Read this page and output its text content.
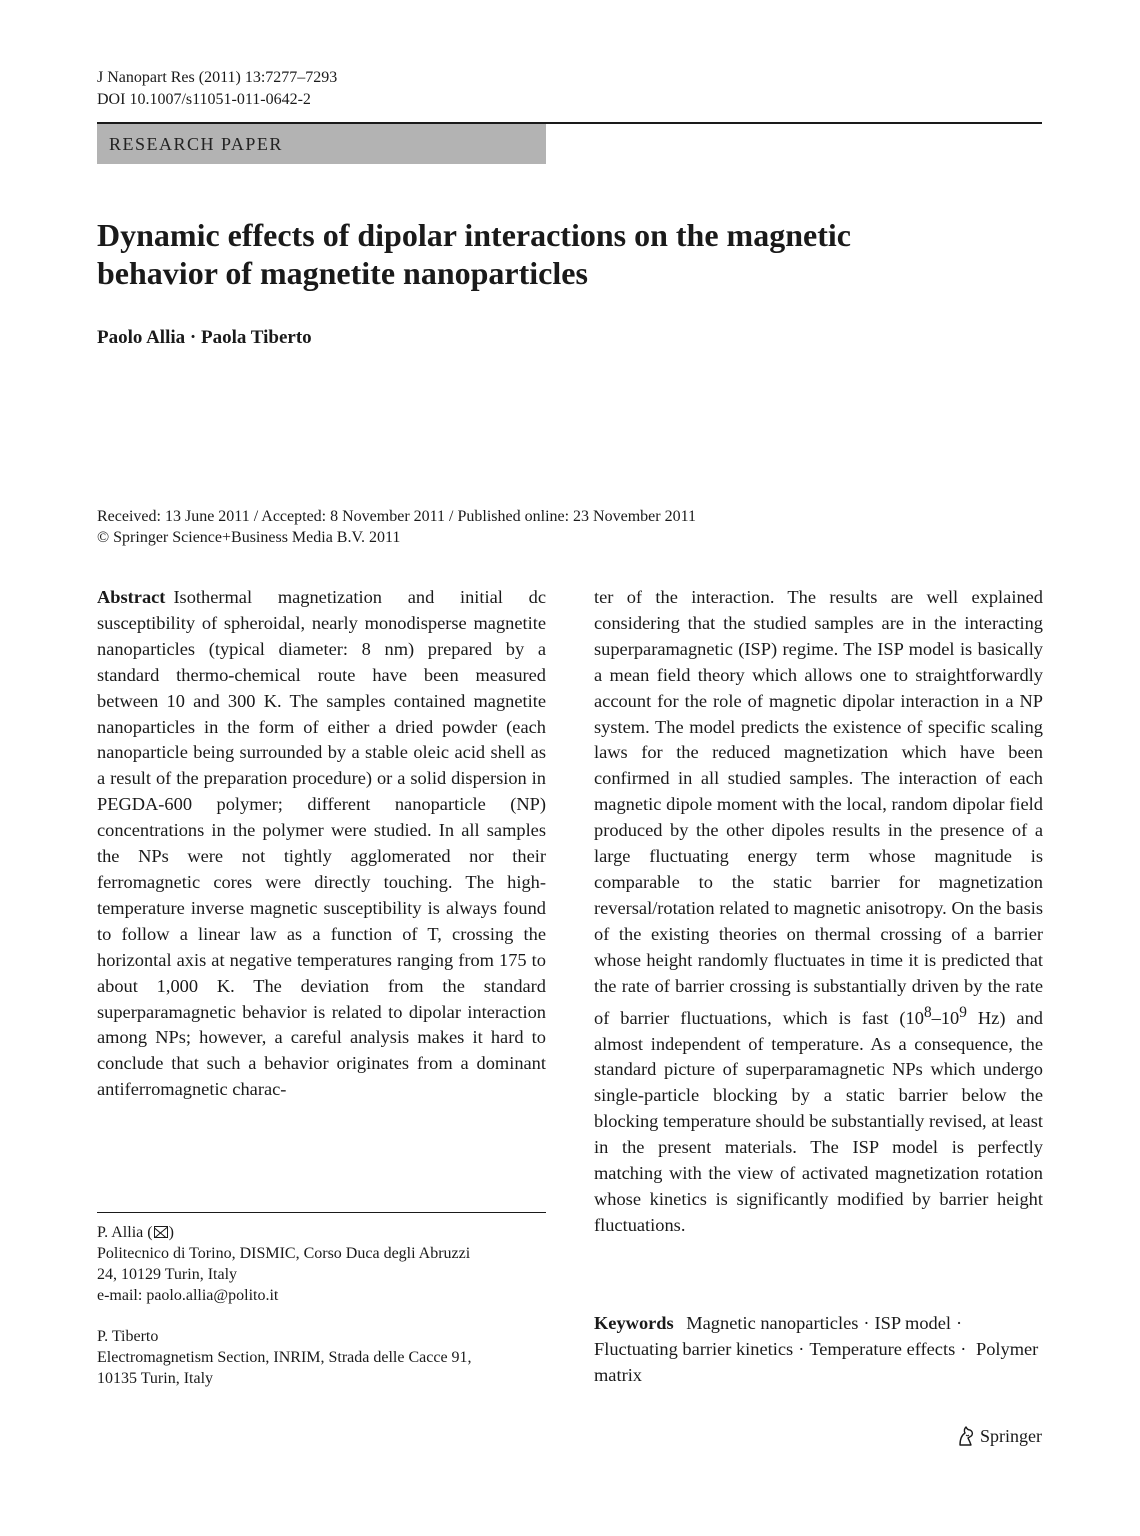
J Nanopart Res (2011) 13:7277–7293
DOI 10.1007/s11051-011-0642-2
RESEARCH PAPER
Dynamic effects of dipolar interactions on the magnetic
behavior of magnetite nanoparticles
Paolo Allia · Paola Tiberto
Received: 13 June 2011 / Accepted: 8 November 2011 / Published online: 23 November 2011
© Springer Science+Business Media B.V. 2011
Abstract Isothermal magnetization and initial dc susceptibility of spheroidal, nearly monodisperse magnetite nanoparticles (typical diameter: 8 nm) prepared by a standard thermo-chemical route have been measured between 10 and 300 K. The samples contained magnetite nanoparticles in the form of either a dried powder (each nanoparticle being surrounded by a stable oleic acid shell as a result of the preparation procedure) or a solid dispersion in PEGDA-600 polymer; different nanoparticle (NP) concentrations in the polymer were studied. In all samples the NPs were not tightly agglomerated nor their ferromagnetic cores were directly touching. The high-temperature inverse magnetic susceptibility is always found to follow a linear law as a function of T, crossing the horizontal axis at negative temperatures ranging from 175 to about 1,000 K. The deviation from the standard superparamagnetic behavior is related to dipolar interaction among NPs; however, a careful analysis makes it hard to conclude that such a behavior originates from a dominant antiferromagnetic charac-
ter of the interaction. The results are well explained considering that the studied samples are in the interacting superparamagnetic (ISP) regime. The ISP model is basically a mean field theory which allows one to straightforwardly account for the role of magnetic dipolar interaction in a NP system. The model predicts the existence of specific scaling laws for the reduced magnetization which have been confirmed in all studied samples. The interaction of each magnetic dipole moment with the local, random dipolar field produced by the other dipoles results in the presence of a large fluctuating energy term whose magnitude is comparable to the static barrier for magnetization reversal/rotation related to magnetic anisotropy. On the basis of the existing theories on thermal crossing of a barrier whose height randomly fluctuates in time it is predicted that the rate of barrier crossing is substantially driven by the rate of barrier fluctuations, which is fast ($10^8-10^9$ Hz) and almost independent of temperature. As a consequence, the standard picture of superparamagnetic NPs which undergo single-particle blocking by a static barrier below the blocking temperature should be substantially revised, at least in the present materials. The ISP model is perfectly matching with the view of activated magnetization rotation whose kinetics is significantly modified by barrier height fluctuations.
Keywords Magnetic nanoparticles · ISP model · Fluctuating barrier kinetics · Temperature effects · Polymer matrix
P. Allia ( )
Politecnico di Torino, DISMIC, Corso Duca degli Abruzzi
24, 10129 Turin, Italy
e-mail: paolo.allia@polito.it
P. Tiberto
Electromagnetism Section, INRIM, Strada delle Cacce 91,
10135 Turin, Italy
Springer
